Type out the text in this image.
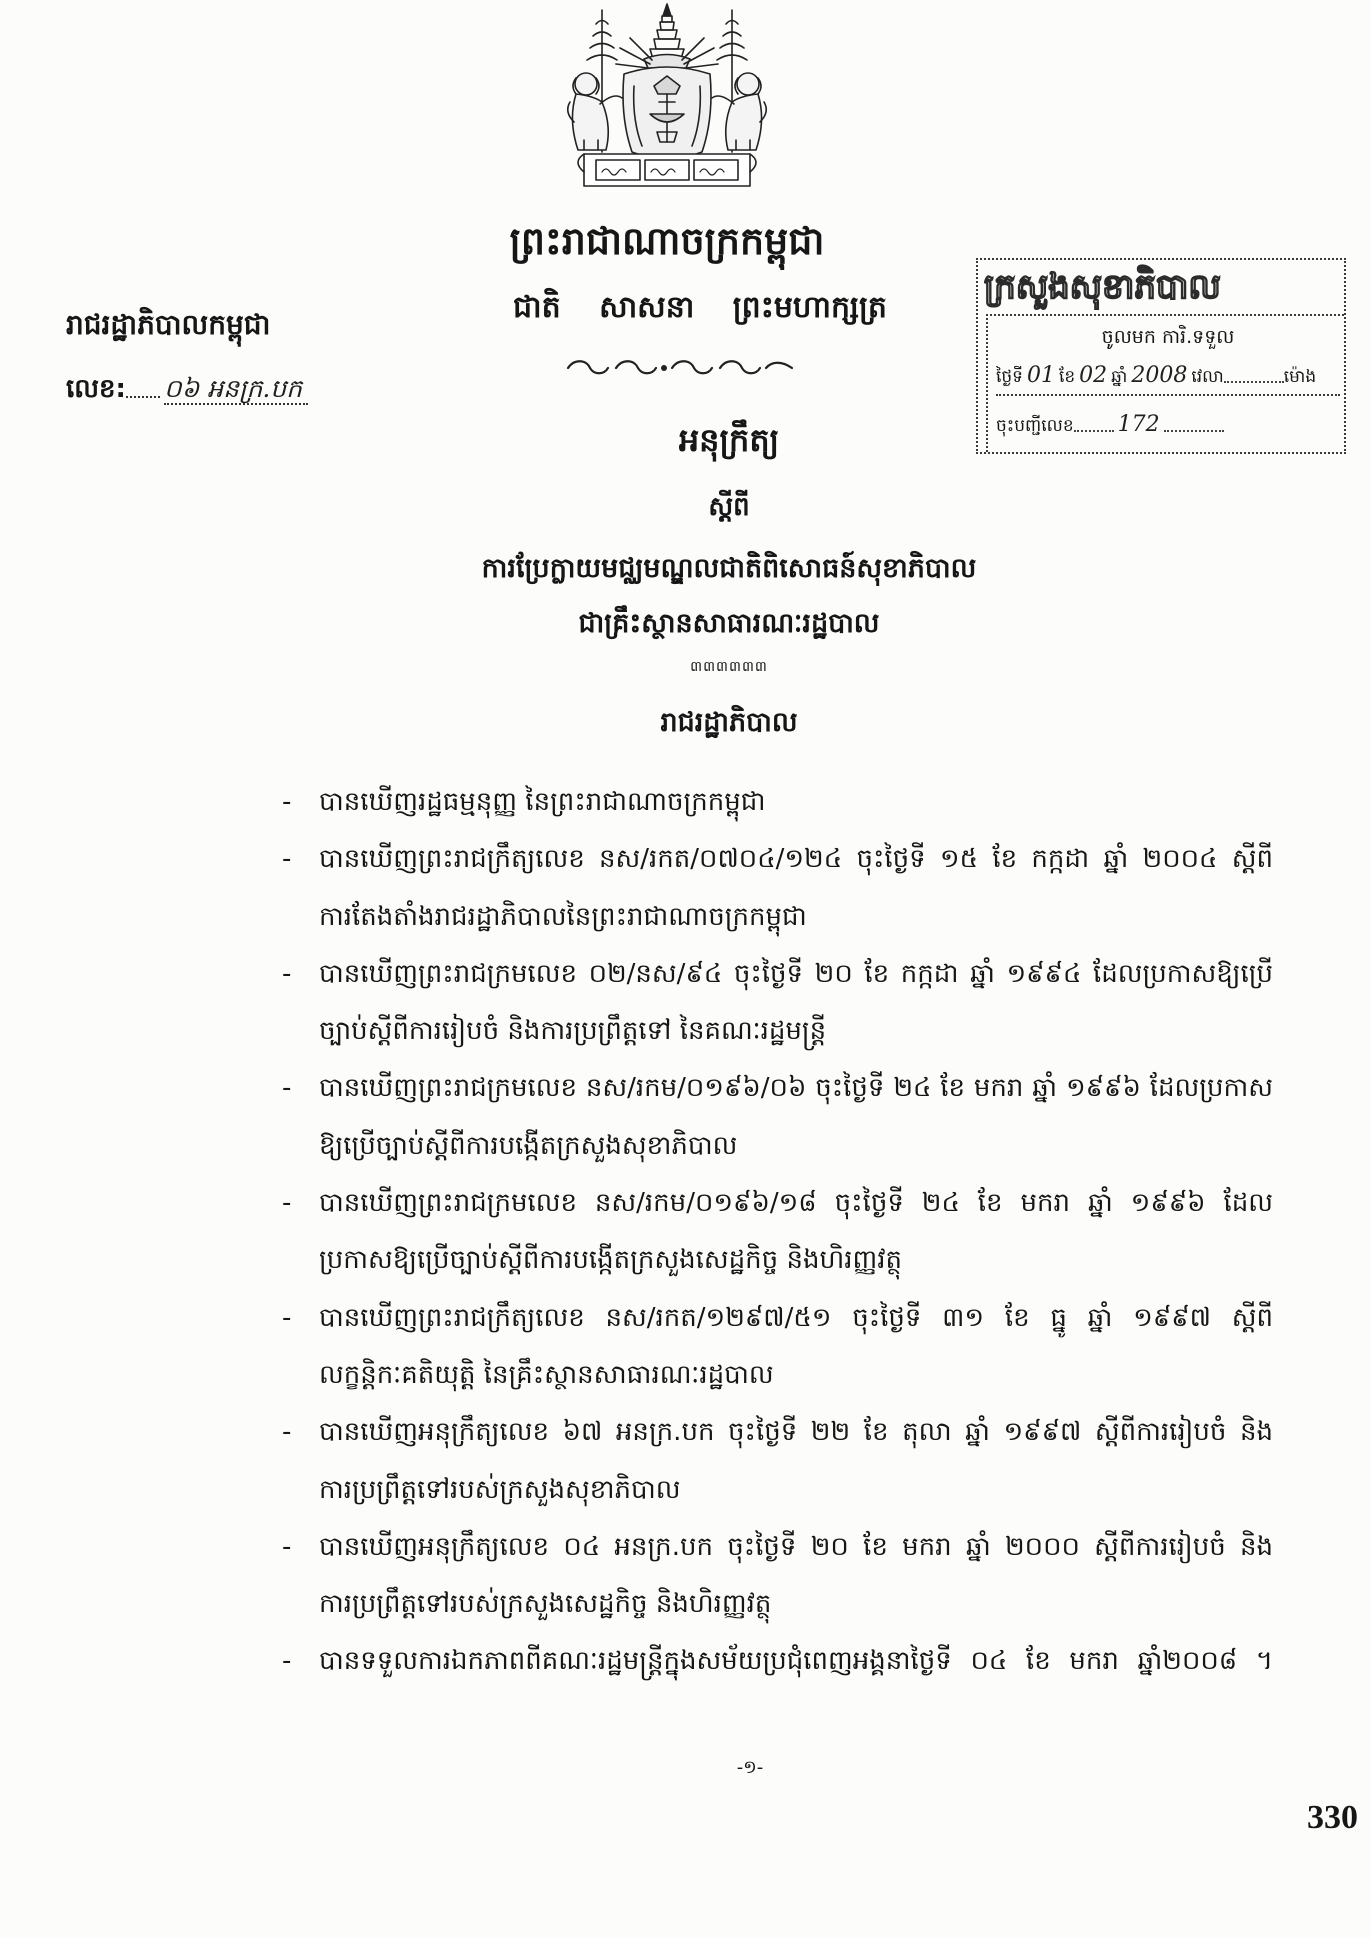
ព្រះរាជាណាចក្រកម្ពុជា
ជាតិ សាសនា ព្រះមហាក្សត្រ
រាជរដ្ឋាភិបាលកម្ពុជា
លេខ: ០៦ អនក្រ.បក
ក្រសួងសុខាភិបាល
ចូលមក ការិ.ទទួល
ថ្ងៃទី 01 ខែ 02 ឆ្នាំ 2008 វេលា	ម៉ោង
ចុះបញ្ជីលេខ 172
អនុក្រឹត្យ
ស្តីពី
ការប្រែក្លាយមជ្ឈមណ្ឌលជាតិពិសោធន៍សុខាភិបាល
ជាគ្រឹះស្ថានសាធារណៈរដ្ឋបាល
៣៣៣៣៣៣
រាជរដ្ឋាភិបាល
- បានឃើញរដ្ឋធម្មនុញ្ញ នៃព្រះរាជាណាចក្រកម្ពុជា
- បានឃើញព្រះរាជក្រឹត្យលេខ នស/រកត/០៧០៤/១២៤ ចុះថ្ងៃទី ១៥ ខែ កក្កដា ឆ្នាំ ២០០៤ ស្តីពី
ការតែងតាំងរាជរដ្ឋាភិបាលនៃព្រះរាជាណាចក្រកម្ពុជា
- បានឃើញព្រះរាជក្រមលេខ ០២/នស/៩៤ ចុះថ្ងៃទី ២០ ខែ កក្កដា ឆ្នាំ ១៩៩៤ ដែលប្រកាសឱ្យប្រើ
ច្បាប់ស្តីពីការរៀបចំ និងការប្រព្រឹត្តទៅ នៃគណៈរដ្ឋមន្ត្រី
- បានឃើញព្រះរាជក្រមលេខ នស/រកម/០១៩៦/០៦ ចុះថ្ងៃទី ២៤ ខែ មករា ឆ្នាំ ១៩៩៦ ដែលប្រកាស
ឱ្យប្រើច្បាប់ស្តីពីការបង្កើតក្រសួងសុខាភិបាល
- បានឃើញព្រះរាជក្រមលេខ នស/រកម/០១៩៦/១៨ ចុះថ្ងៃទី ២៤ ខែ មករា ឆ្នាំ ១៩៩៦ ដែល
ប្រកាសឱ្យប្រើច្បាប់ស្តីពីការបង្កើតក្រសួងសេដ្ឋកិច្ច និងហិរញ្ញវត្ថុ
- បានឃើញព្រះរាជក្រឹត្យលេខ នស/រកត/១២៩៧/៥១ ចុះថ្ងៃទី ៣១ ខែ ធ្នូ ឆ្នាំ ១៩៩៧ ស្តីពី
លក្ខន្តិកៈគតិយុត្តិ នៃគ្រឹះស្ថានសាធារណៈរដ្ឋបាល
- បានឃើញអនុក្រឹត្យលេខ ៦៧ អនក្រ.បក ចុះថ្ងៃទី ២២ ខែ តុលា ឆ្នាំ ១៩៩៧ ស្តីពីការរៀបចំ និង
ការប្រព្រឹត្តទៅរបស់ក្រសួងសុខាភិបាល
- បានឃើញអនុក្រឹត្យលេខ ០៤ អនក្រ.បក ចុះថ្ងៃទី ២០ ខែ មករា ឆ្នាំ ២០០០ ស្តីពីការរៀបចំ និង
ការប្រព្រឹត្តទៅរបស់ក្រសួងសេដ្ឋកិច្ច និងហិរញ្ញវត្ថុ
- បានទទួលការឯកភាពពីគណៈរដ្ឋមន្ត្រីក្នុងសម័យប្រជុំពេញអង្គនាថ្ងៃទី ០៤ ខែ មករា ឆ្នាំ២០០៨ ។
-១-
330
